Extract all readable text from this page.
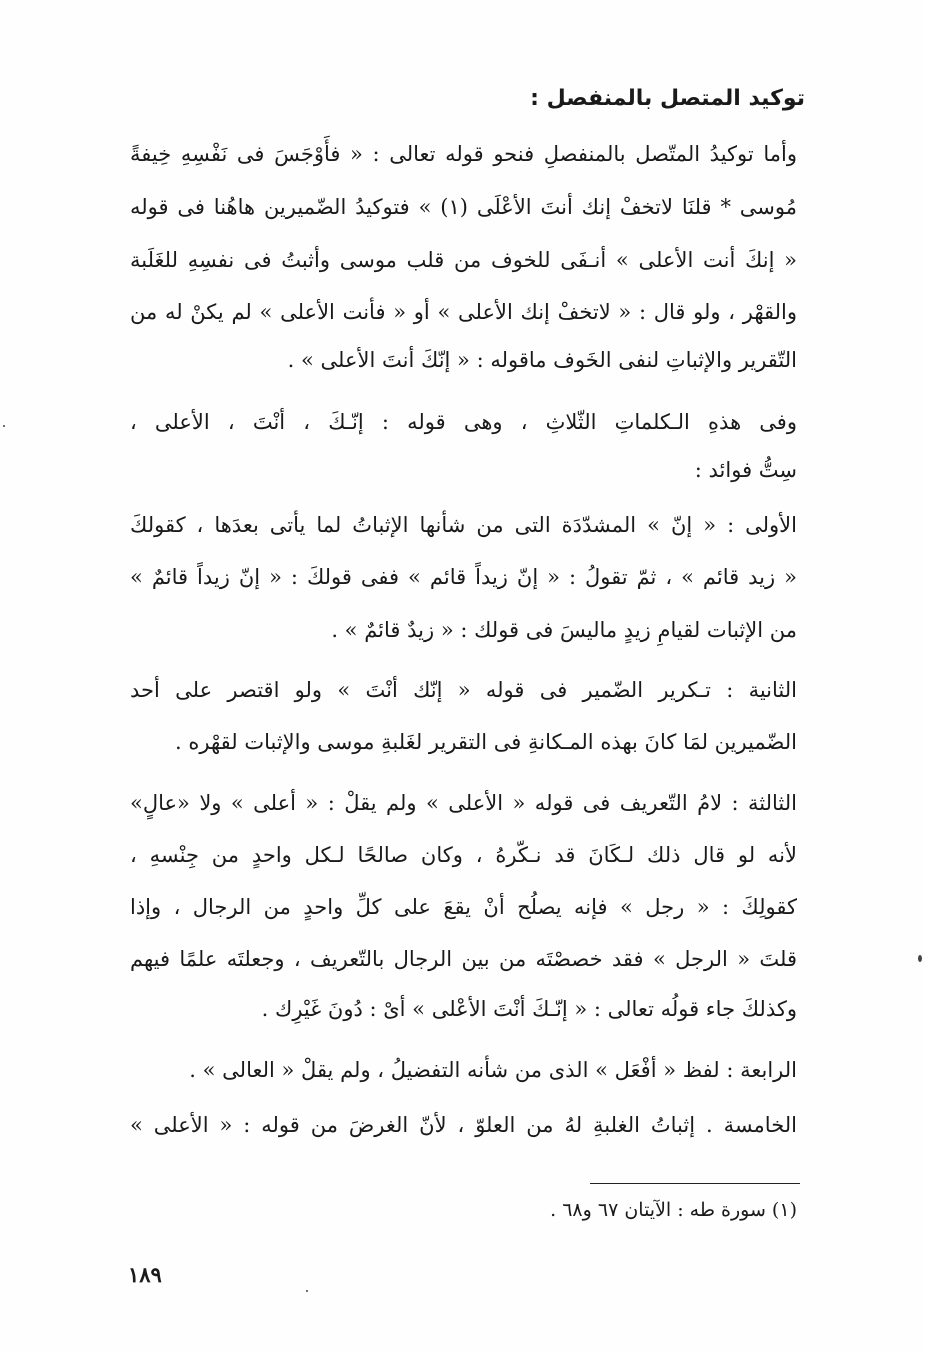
توكيد المتصل بالمنفصل :
وأما توكيدُ المتّصل بالمنفصلِ فنحو قوله تعالى : « فأَوْجَسَ فى نَفْسِهِ خِيفةً
مُوسى * قلنَا لاتخفْ إنك أنتَ الأعْلَى (١) » فتوكيدُ الضّميرين هاهُنا فى قوله
« إنكَ أنت الأعلى » أنـفَى للخوف من قلب موسى وأثبتُ فى نفسِهِ للغَلَبة
والقهْر ، ولو قال : « لاتخفْ إنك الأعلى » أو « فأنت الأعلى » لم يكنْ له من
التّقرير والإثباتِ لنفى الخَوف ماقوله : « إنّكَ أنتَ الأعلى » .
وفى هذهِ الـكلماتِ الثّلاثِ ، وهى قوله : إنّـكَ ، أنْتَ ، الأعلى ،
سِتُّ فوائد :
الأولى : « إنّ » المشدّدَة التى من شأنها الإثباتُ لما يأتى بعدَها ، كقولكَ
« زيد قائم » ، ثمّ تقولُ : « إنّ زيداً قائم » ففى قولكَ : « إنّ زيداً قائمٌ »
من الإثبات لقيامِ زيدٍ ماليسَ فى قولك : « زيدٌ قائمٌ » .
الثانية : تـكرير الضّمير فى قوله « إنّك أنْتَ » ولو اقتصر على أحد
الضّميرين لمَا كانَ بهذه المـكانةِ فى التقرير لغَلبةِ موسى والإثبات لقهْره .
الثالثة : لامُ التّعريف فى قوله « الأعلى » ولم يقلْ : « أعلى » ولا «عالٍ»
لأنه لو قال ذلك لـكَانَ قد نـكّرهُ ، وكان صالحًا لـكل واحدٍ من جِنْسهِ ،
كقولِكَ : « رجل » فإنه يصلُح أنْ يقعَ على كلِّ واحدٍ من الرجال ، وإذا
قلتَ « الرجل » فقد خصصْتَه من بين الرجال بالتّعريف ، وجعلتَه علمًا فيهم
وكذلكَ جاء قولُه تعالى : « إنّـكَ أنْتَ الأعْلى » أىْ : دُونَ غَيْرِك .
الرابعة : لفظ « أفْعَل » الذى من شأنه التفضيلُ ، ولم يقلْ « العالى » .
الخامسة . إثباتُ الغلبةِ لهُ من العلوّ ، لأنّ الغرضَ من قوله : « الأعلى »
(١) سورة طه : الآيتان ٦٧ و٦٨ .
١٨٩
